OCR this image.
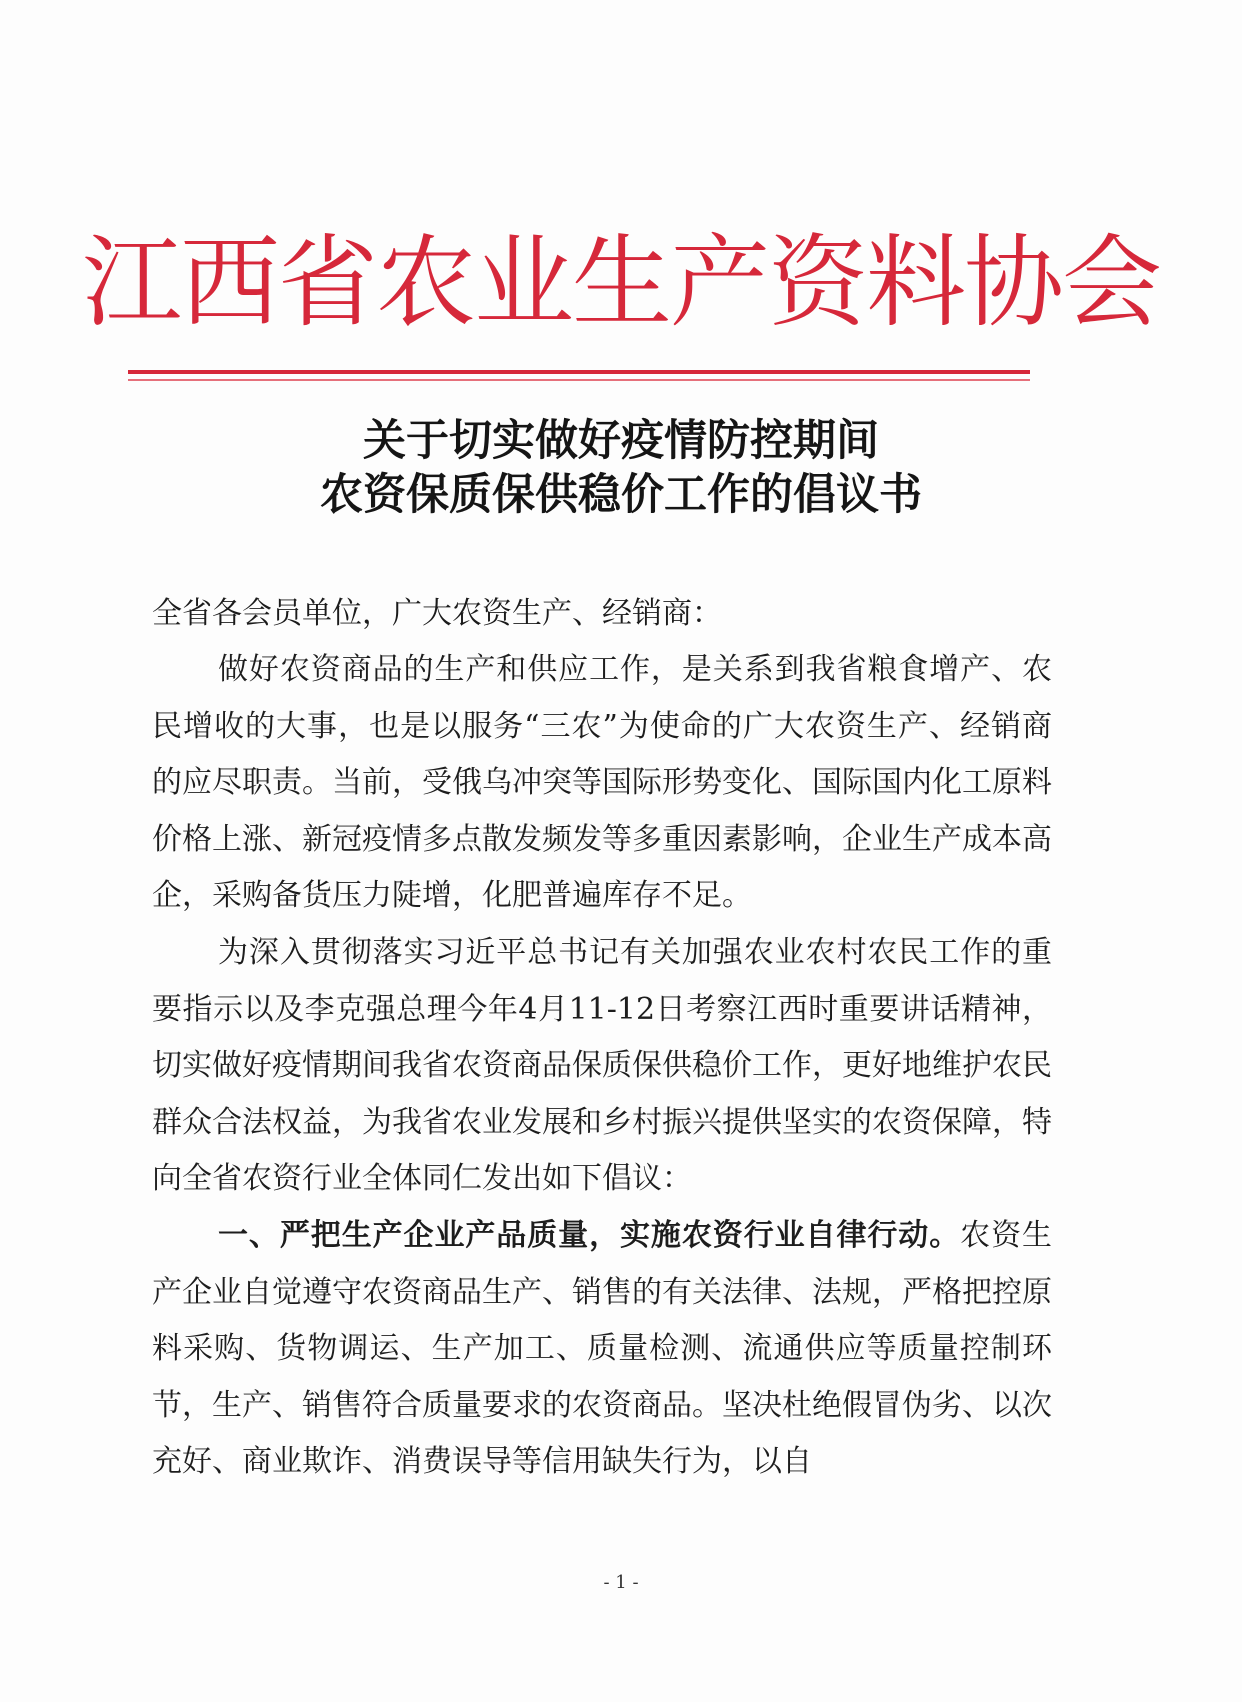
江西省农业生产资料协会
关于切实做好疫情防控期间
农资保质保供稳价工作的倡议书
全省各会员单位，广大农资生产、经销商：

做好农资商品的生产和供应工作，是关系到我省粮食增产、农民增收的大事，也是以服务“三农”为使命的广大农资生产、经销商的应尽职责。当前，受俄乌冲突等国际形势变化、国际国内化工原料价格上涨、新冠疫情多点散发频发等多重因素影响，企业生产成本高企，采购备货压力陡增，化肥普遍库存不足。

为深入贯彻落实习近平总书记有关加强农业农村农民工作的重要指示以及李克强总理今年4月11-12日考察江西时重要讲话精神，切实做好疫情期间我省农资商品保质保供稳价工作，更好地维护农民群众合法权益，为我省农业发展和乡村振兴提供坚实的农资保障，特向全省农资行业全体同仁发出如下倡议：

一、严把生产企业产品质量，实施农资行业自律行动。农资生产企业自觉遵守农资商品生产、销售的有关法律、法规，严格把控原料采购、货物调运、生产加工、质量检测、流通供应等质量控制环节，生产、销售符合质量要求的农资商品。坚决杜绝假冒伪劣、以次充好、商业欺诈、消费误导等信用缺失行为，以自

- 1 -
